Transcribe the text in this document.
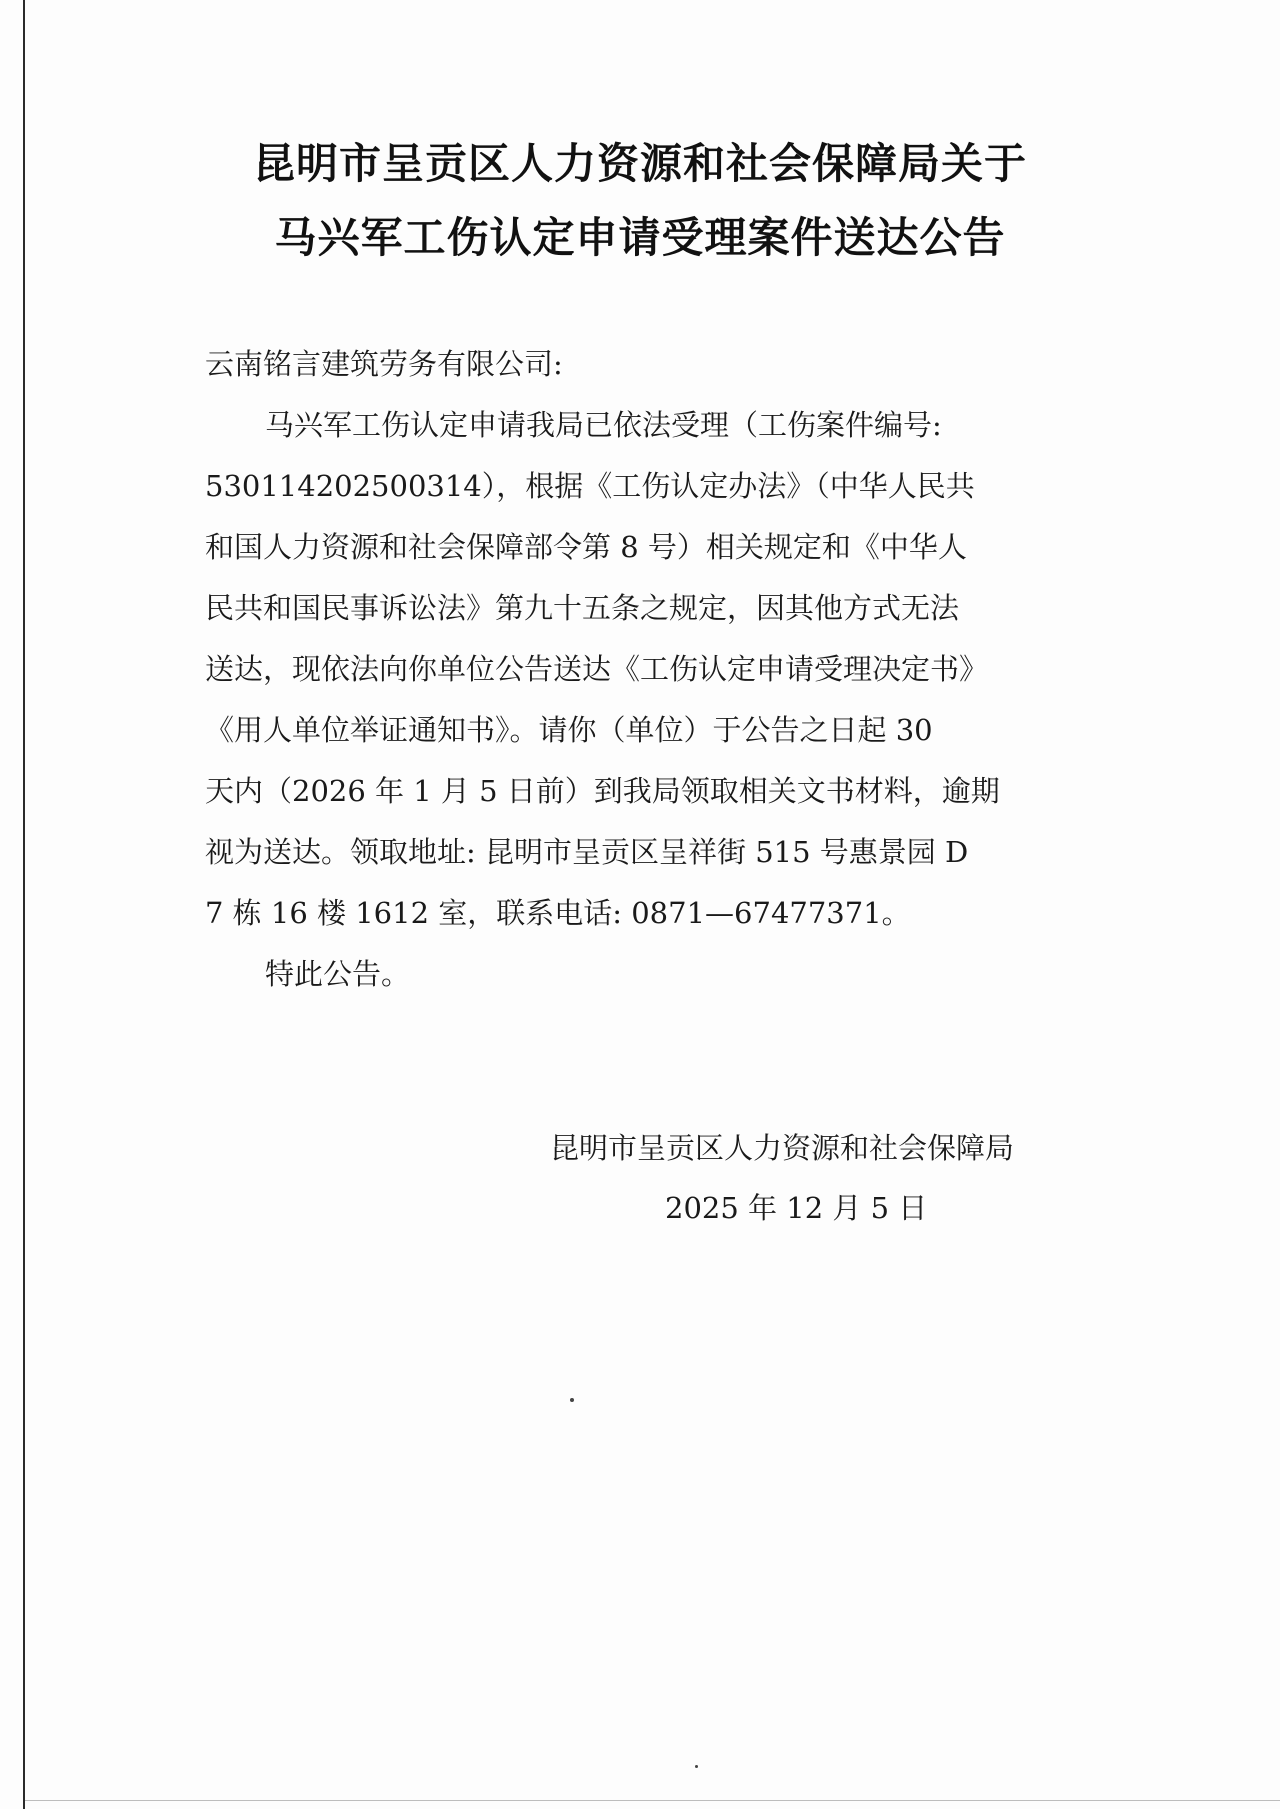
昆明市呈贡区人力资源和社会保障局关于
马兴军工伤认定申请受理案件送达公告
云南铭言建筑劳务有限公司:
马兴军工伤认定申请我局已依法受理（工伤案件编号:
530114202500314），根据《工伤认定办法》（中华人民共
和国人力资源和社会保障部令第 8 号）相关规定和《中华人
民共和国民事诉讼法》第九十五条之规定，因其他方式无法
送达，现依法向你单位公告送达《工伤认定申请受理决定书》
《用人单位举证通知书》。请你（单位）于公告之日起 30
天内（2026 年 1 月 5 日前）到我局领取相关文书材料，逾期
视为送达。领取地址: 昆明市呈贡区呈祥街 515 号惠景园 D
7 栋 16 楼 1612 室，联系电话: 0871—67477371。
特此公告。
昆明市呈贡区人力资源和社会保障局
2025 年 12 月 5 日
